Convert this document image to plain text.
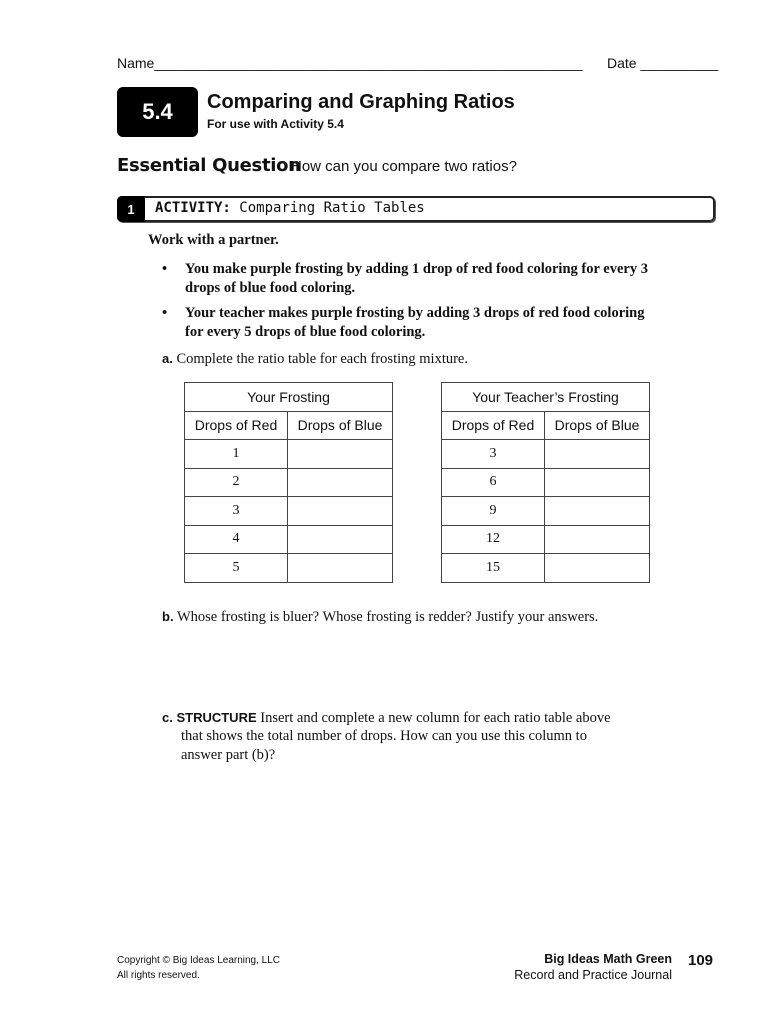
Name_______________________________________________________ Date __________
5.4	Comparing and Graphing Ratios
For use with Activity 5.4
Essential Question
How can you compare two ratios?
1	ACTIVITY: Comparing Ratio Tables
Work with a partner.
• You make purple frosting by adding 1 drop of red food coloring for every 3 drops of blue food coloring.
• Your teacher makes purple frosting by adding 3 drops of red food coloring for every 5 drops of blue food coloring.
a. Complete the ratio table for each frosting mixture.
Your Frosting	
Drops of Red	Drops of Blue
1	
2	
3	
4	
5	
Your Teacher’s Frosting	
Drops of Red	Drops of Blue
3	
6	
9	
12	
15	
b. Whose frosting is bluer? Whose frosting is redder? Justify your answers.
c. STRUCTURE Insert and complete a new column for each ratio table above
that shows the total number of drops. How can you use this column to
answer part (b)?
Copyright © Big Ideas Learning, LLC
All rights reserved.
Big Ideas Math Green
Record and Practice Journal
109
